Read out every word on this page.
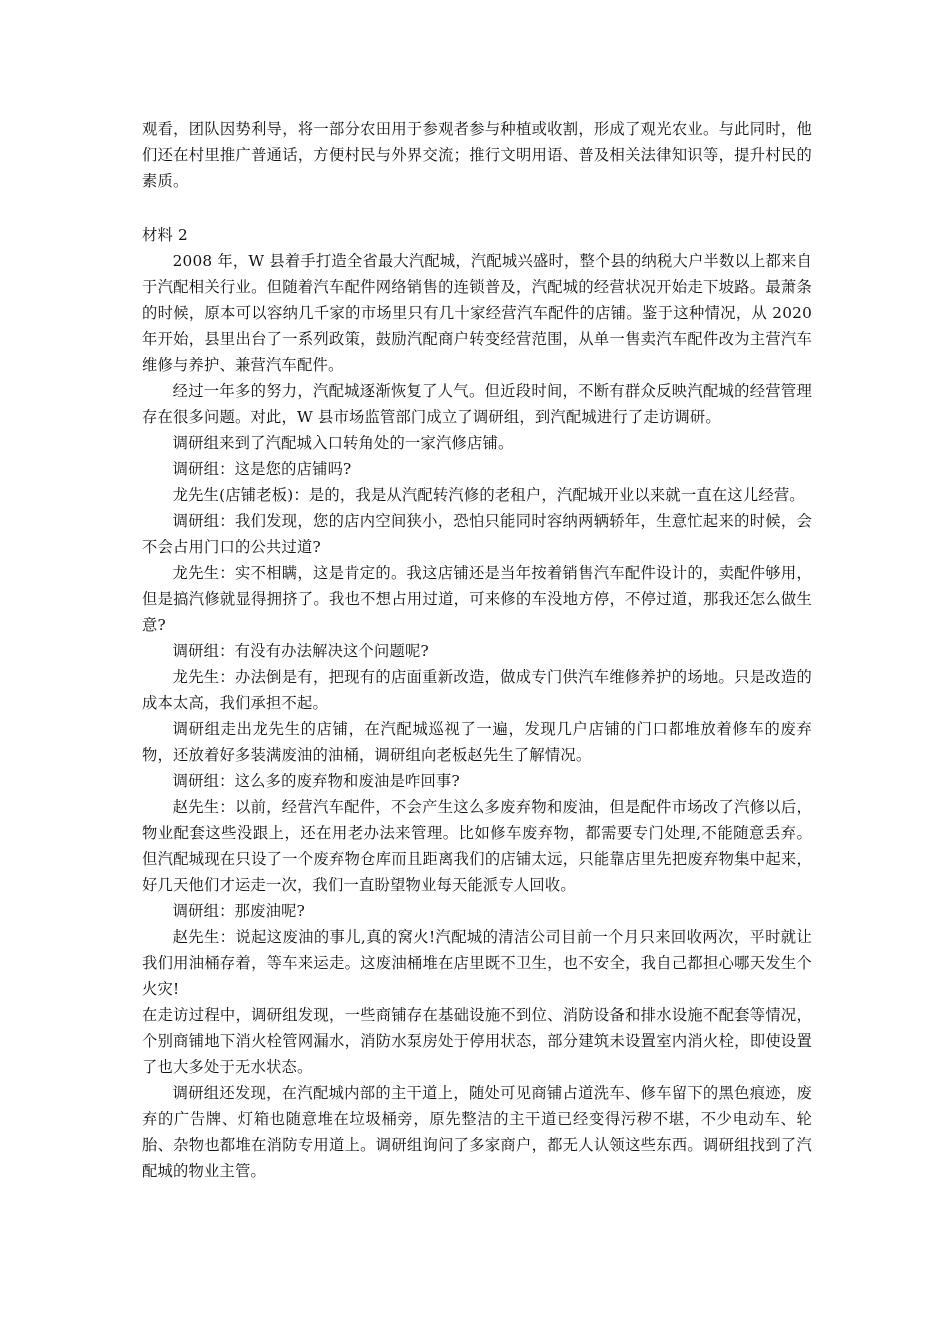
观看，团队因势利导，将一部分农田用于参观者参与种植或收割，形成了观光农业。与此同时，他们还在村里推广普通话，方便村民与外界交流；推行文明用语、普及相关法律知识等，提升村民的素质。

材料 2

2008 年，W 县着手打造全省最大汽配城，汽配城兴盛时，整个县的纳税大户半数以上都来自于汽配相关行业。但随着汽车配件网络销售的连锁普及，汽配城的经营状况开始走下坡路。最萧条的时候，原本可以容纳几千家的市场里只有几十家经营汽车配件的店铺。鉴于这种情况，从 2020 年开始，县里出台了一系列政策，鼓励汽配商户转变经营范围，从单一售卖汽车配件改为主营汽车维修与养护、兼营汽车配件。

经过一年多的努力，汽配城逐渐恢复了人气。但近段时间，不断有群众反映汽配城的经营管理存在很多问题。对此，W 县市场监管部门成立了调研组，到汽配城进行了走访调研。

调研组来到了汽配城入口转角处的一家汽修店铺。

调研组：这是您的店铺吗?

龙先生(店铺老板)：是的，我是从汽配转汽修的老租户，汽配城开业以来就一直在这儿经营。

调研组：我们发现，您的店内空间狭小，恐怕只能同时容纳两辆轿年，生意忙起来的时候，会不会占用门口的公共过道?

龙先生：实不相瞒，这是肯定的。我这店铺还是当年按着销售汽车配件设计的，卖配件够用，但是搞汽修就显得拥挤了。我也不想占用过道，可来修的车没地方停，不停过道，那我还怎么做生意?

调研组：有没有办法解决这个问题呢?

龙先生：办法倒是有，把现有的店面重新改造，做成专门供汽车维修养护的场地。只是改造的成本太高，我们承担不起。

调研组走出龙先生的店铺，在汽配城巡视了一遍，发现几户店铺的门口都堆放着修车的废弃物，还放着好多装满废油的油桶，调研组向老板赵先生了解情况。

调研组：这么多的废弃物和废油是咋回事?

赵先生：以前，经营汽车配件，不会产生这么多废弃物和废油，但是配件市场改了汽修以后，物业配套这些没跟上，还在用老办法来管理。比如修车废弃物，都需要专门处理,不能随意丢弃。但汽配城现在只设了一个废弃物仓库而且距离我们的店铺太远，只能靠店里先把废弃物集中起来，好几天他们才运走一次，我们一直盼望物业每天能派专人回收。

调研组：那废油呢?

赵先生：说起这废油的事儿,真的窝火!汽配城的清洁公司目前一个月只来回收两次，平时就让我们用油桶存着，等车来运走。这废油桶堆在店里既不卫生，也不安全，我自己都担心哪天发生个火灾!

在走访过程中，调研组发现，一些商铺存在基础设施不到位、消防设备和排水设施不配套等情况，个别商铺地下消火栓管网漏水，消防水泵房处于停用状态，部分建筑未设置室内消火栓，即使设置了也大多处于无水状态。

调研组还发现，在汽配城内部的主干道上，随处可见商铺占道洗车、修车留下的黑色痕迹，废弃的广告牌、灯箱也随意堆在垃圾桶旁，原先整洁的主干道已经变得污秽不堪，不少电动车、轮胎、杂物也都堆在消防专用道上。调研组询问了多家商户，都无人认领这些东西。调研组找到了汽配城的物业主管。
